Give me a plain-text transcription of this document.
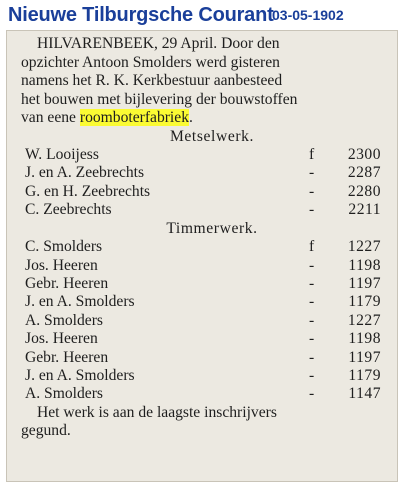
Nieuwe Tilburgsche Courant
03-05-1902
HILVARENBEEK, 29 April. Door den
opzichter Antoon Smolders werd gisteren
namens het R. K. Kerkbestuur aanbesteed
het bouwen met bijlevering der bouwstoffen
van eene roomboterfabriek.
Metselwerk.
W. Looijess	f	2300
J. en A. Zeebrechts	-	2287
G. en H. Zeebrechts	-	2280
C. Zeebrechts	-	2211
Timmerwerk.
C. Smolders	f	1227
Jos. Heeren	-	1198
Gebr. Heeren	-	1197
J. en A. Smolders	-	1179
A. Smolders	-	1227
Jos. Heeren	-	1198
Gebr. Heeren	-	1197
J. en A. Smolders	-	1179
A. Smolders	-	1147
Het werk is aan de laagste inschrijvers
gegund.
